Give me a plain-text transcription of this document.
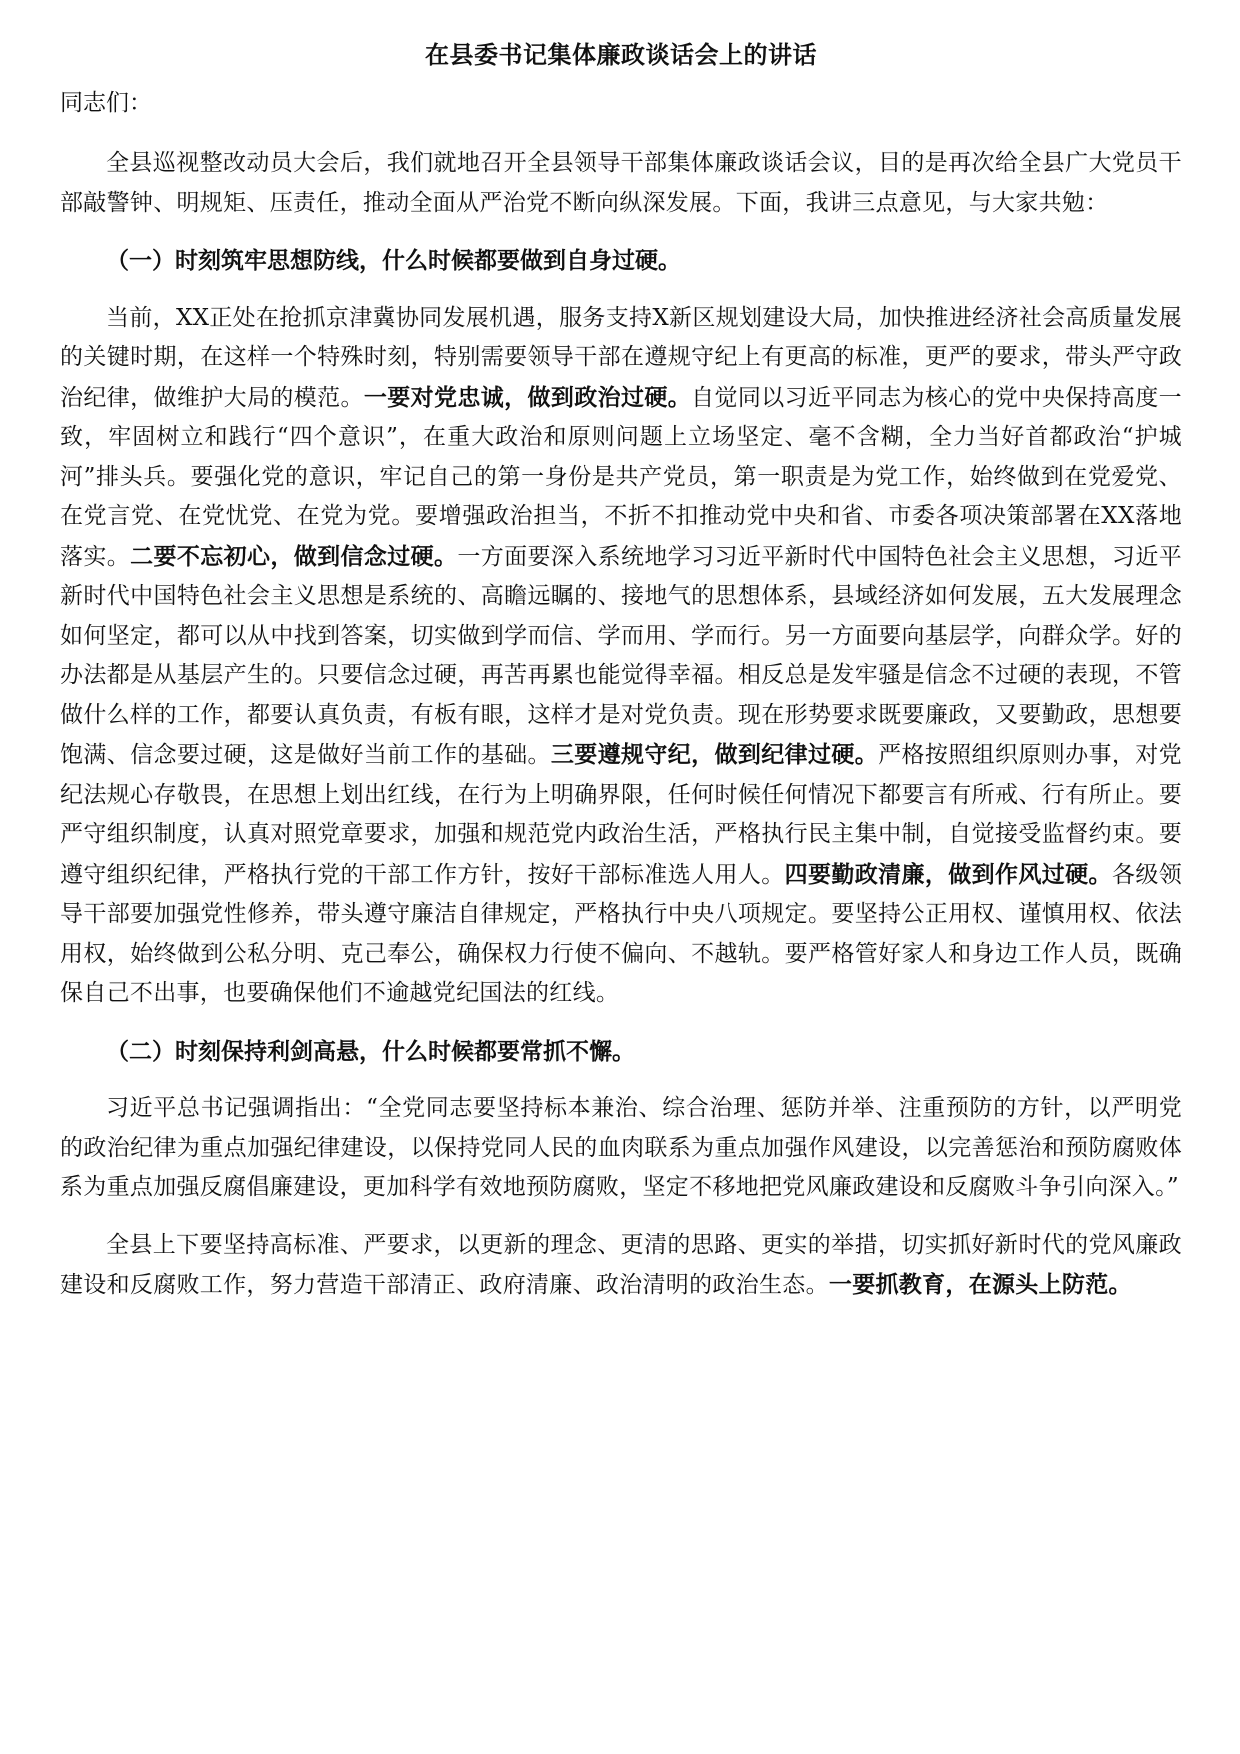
在县委书记集体廉政谈话会上的讲话
同志们：

全县巡视整改动员大会后，我们就地召开全县领导干部集体廉政谈话会议，目的是再次给全县广大党员干部敲警钟、明规矩、压责任，推动全面从严治党不断向纵深发展。下面，我讲三点意见，与大家共勉：

（一）时刻筑牢思想防线，什么时候都要做到自身过硬。

当前，XX正处在抢抓京津冀协同发展机遇，服务支持X新区规划建设大局，加快推进经济社会高质量发展的关键时期，在这样一个特殊时刻，特别需要领导干部在遵规守纪上有更高的标准，更严的要求，带头严守政治纪律，做维护大局的模范。一要对党忠诚，做到政治过硬。自觉同以习近平同志为核心的党中央保持高度一致，牢固树立和践行“四个意识”，在重大政治和原则问题上立场坚定、毫不含糊，全力当好首都政治“护城河”排头兵。要强化党的意识，牢记自己的第一身份是共产党员，第一职责是为党工作，始终做到在党爱党、在党言党、在党忧党、在党为党。要增强政治担当，不折不扣推动党中央和省、市委各项决策部署在XX落地落实。二要不忘初心，做到信念过硬。一方面要深入系统地学习习近平新时代中国特色社会主义思想，习近平新时代中国特色社会主义思想是系统的、高瞻远瞩的、接地气的思想体系，县域经济如何发展，五大发展理念如何坚定，都可以从中找到答案，切实做到学而信、学而用、学而行。另一方面要向基层学，向群众学。好的办法都是从基层产生的。只要信念过硬，再苦再累也能觉得幸福。相反总是发牢骚是信念不过硬的表现，不管做什么样的工作，都要认真负责，有板有眼，这样才是对党负责。现在形势要求既要廉政，又要勤政，思想要饱满、信念要过硬，这是做好当前工作的基础。三要遵规守纪，做到纪律过硬。严格按照组织原则办事，对党纪法规心存敬畏，在思想上划出红线，在行为上明确界限，任何时候任何情况下都要言有所戒、行有所止。要严守组织制度，认真对照党章要求，加强和规范党内政治生活，严格执行民主集中制，自觉接受监督约束。要遵守组织纪律，严格执行党的干部工作方针，按好干部标准选人用人。四要勤政清廉，做到作风过硬。各级领导干部要加强党性修养，带头遵守廉洁自律规定，严格执行中央八项规定。要坚持公正用权、谨慎用权、依法用权，始终做到公私分明、克己奉公，确保权力行使不偏向、不越轨。要严格管好家人和身边工作人员，既确保自己不出事，也要确保他们不逾越党纪国法的红线。

（二）时刻保持利剑高悬，什么时候都要常抓不懈。

习近平总书记强调指出：“全党同志要坚持标本兼治、综合治理、惩防并举、注重预防的方针，以严明党的政治纪律为重点加强纪律建设，以保持党同人民的血肉联系为重点加强作风建设，以完善惩治和预防腐败体系为重点加强反腐倡廉建设，更加科学有效地预防腐败，坚定不移地把党风廉政建设和反腐败斗争引向深入。”

全县上下要坚持高标准、严要求，以更新的理念、更清的思路、更实的举措，切实抓好新时代的党风廉政建设和反腐败工作，努力营造干部清正、政府清廉、政治清明的政治生态。一要抓教育，在源头上防范。
